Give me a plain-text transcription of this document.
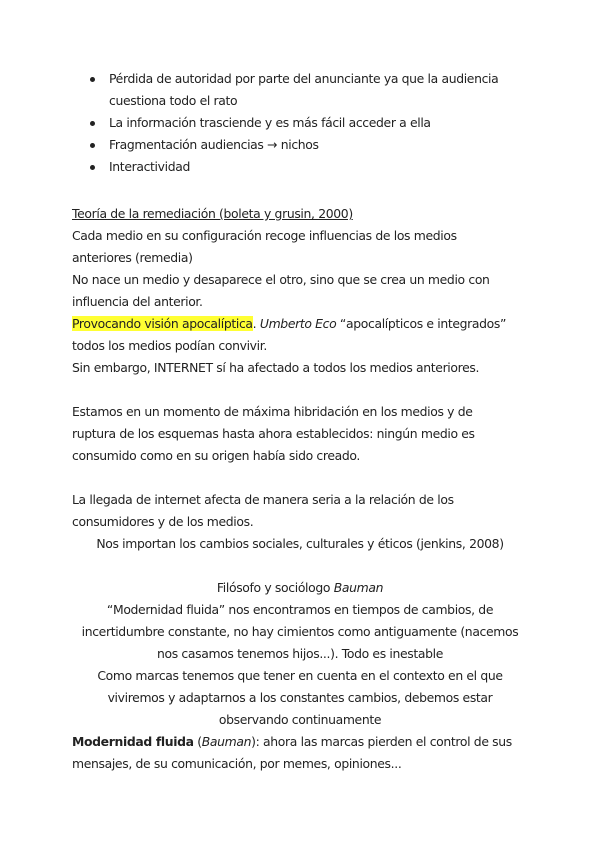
Pérdida de autoridad por parte del anunciante ya que la audiencia
cuestiona todo el rato
La información trasciende y es más fácil acceder a ella
Fragmentación audiencias → nichos
Interactividad
Teoría de la remediación (boleta y grusin, 2000)
Cada medio en su configuración recoge influencias de los medios
anteriores (remedia)
No nace un medio y desaparece el otro, sino que se crea un medio con
influencia del anterior.
Provocando visión apocalíptica. Umberto Eco “apocalípticos e integrados”
todos los medios podían convivir.
Sin embargo, INTERNET sí ha afectado a todos los medios anteriores.
Estamos en un momento de máxima hibridación en los medios y de
ruptura de los esquemas hasta ahora establecidos: ningún medio es
consumido como en su origen había sido creado.
La llegada de internet afecta de manera seria a la relación de los
consumidores y de los medios.
Nos importan los cambios sociales, culturales y éticos (jenkins, 2008)
Filósofo y sociólogo Bauman
“Modernidad fluida” nos encontramos en tiempos de cambios, de
incertidumbre constante, no hay cimientos como antiguamente (nacemos
nos casamos tenemos hijos...). Todo es inestable
Como marcas tenemos que tener en cuenta en el contexto en el que
viviremos y adaptarnos a los constantes cambios, debemos estar
observando continuamente
Modernidad fluida (Bauman): ahora las marcas pierden el control de sus
mensajes, de su comunicación, por memes, opiniones...
